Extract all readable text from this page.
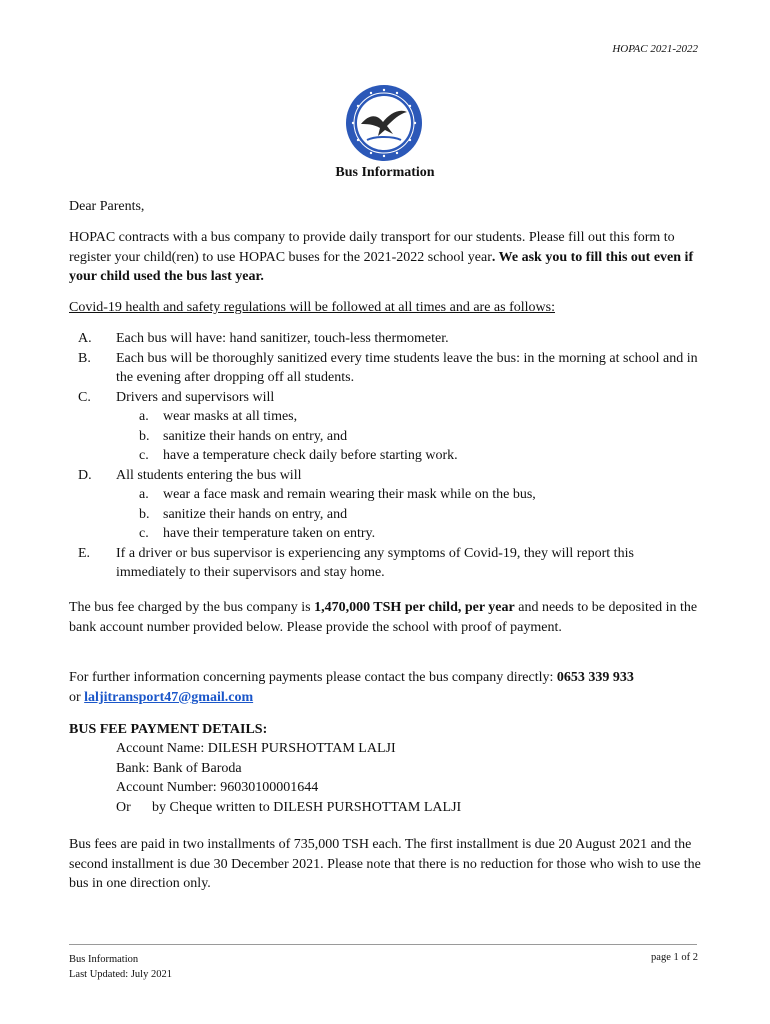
HOPAC 2021-2022
Bus Information
Dear Parents,
HOPAC contracts with a bus company to provide daily transport for our students. Please fill out this form to register your child(ren) to use HOPAC buses for the 2021-2022 school year. We ask you to fill this out even if your child used the bus last year.
Covid-19 health and safety regulations will be followed at all times and are as follows:
A. Each bus will have: hand sanitizer, touch-less thermometer.
B. Each bus will be thoroughly sanitized every time students leave the bus: in the morning at school and in the evening after dropping off all students.
C. Drivers and supervisors will
a. wear masks at all times,
b. sanitize their hands on entry, and
c. have a temperature check daily before starting work.
D. All students entering the bus will
a. wear a face mask and remain wearing their mask while on the bus,
b. sanitize their hands on entry, and
c. have their temperature taken on entry.
E. If a driver or bus supervisor is experiencing any symptoms of Covid-19, they will report this immediately to their supervisors and stay home.
The bus fee charged by the bus company is 1,470,000 TSH per child, per year and needs to be deposited in the bank account number provided below. Please provide the school with proof of payment.
For further information concerning payments please contact the bus company directly: 0653 339 933
or laljitransport47@gmail.com
BUS FEE PAYMENT DETAILS:
Account Name: DILESH PURSHOTTAM LALJI
Bank: Bank of Baroda
Account Number: 96030100001644
Or by Cheque written to DILESH PURSHOTTAM LALJI
Bus fees are paid in two installments of 735,000 TSH each. The first installment is due 20 August 2021 and the second installment is due 30 December 2021. Please note that there is no reduction for those who wish to use the bus in one direction only.
Bus Information
Last Updated: July 2021
page 1 of 2
